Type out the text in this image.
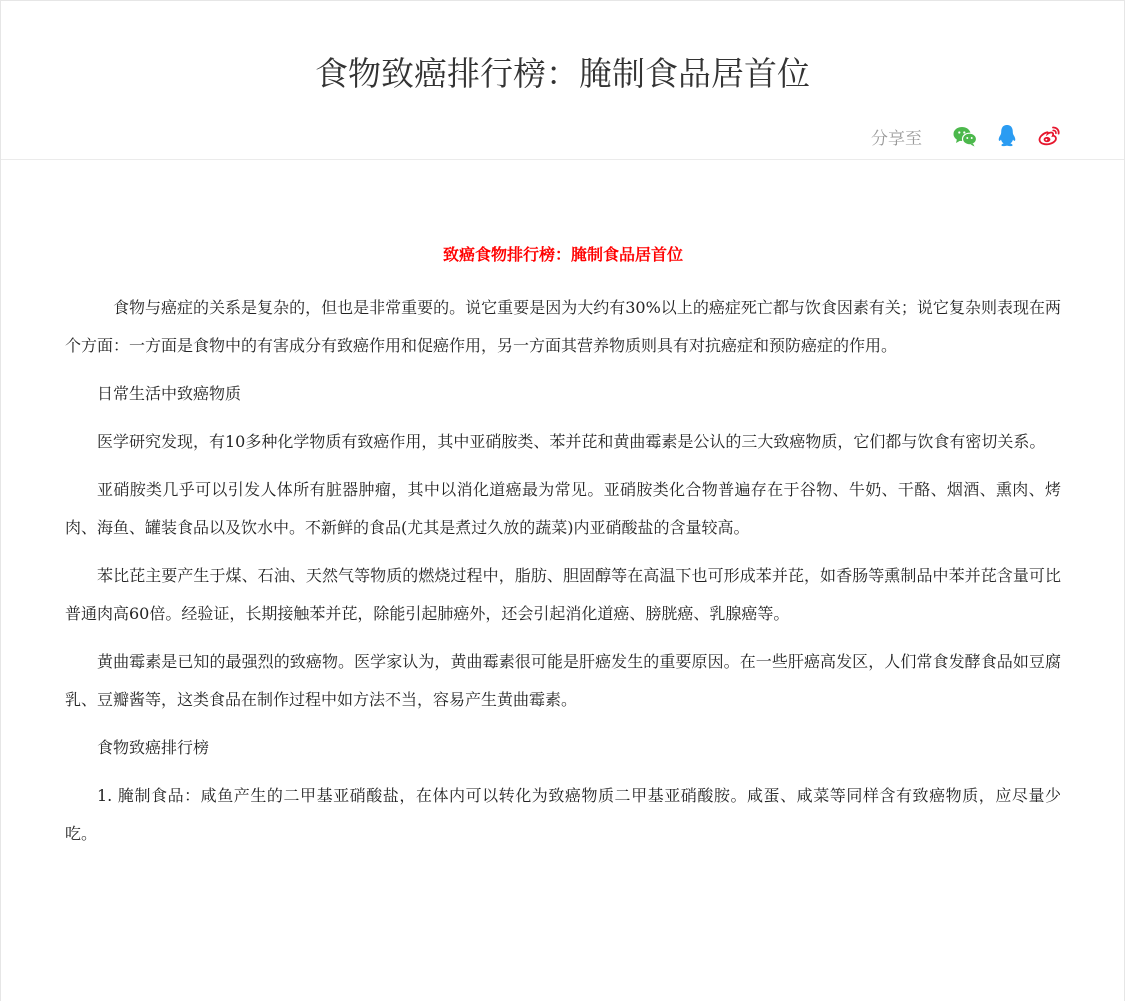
食物致癌排行榜：腌制食品居首位
分享至

致癌食物排行榜：腌制食品居首位

食物与癌症的关系是复杂的，但也是非常重要的。说它重要是因为大约有30%以上的癌症死亡都与饮食因素有关；说它复杂则表现在两个方面：一方面是食物中的有害成分有致癌作用和促癌作用，另一方面其营养物质则具有对抗癌症和预防癌症的作用。

日常生活中致癌物质

医学研究发现，有10多种化学物质有致癌作用，其中亚硝胺类、苯并芘和黄曲霉素是公认的三大致癌物质，它们都与饮食有密切关系。

亚硝胺类几乎可以引发人体所有脏器肿瘤，其中以消化道癌最为常见。亚硝胺类化合物普遍存在于谷物、牛奶、干酪、烟酒、熏肉、烤肉、海鱼、罐装食品以及饮水中。不新鲜的食品(尤其是煮过久放的蔬菜)内亚硝酸盐的含量较高。

苯比芘主要产生于煤、石油、天然气等物质的燃烧过程中，脂肪、胆固醇等在高温下也可形成苯并芘，如香肠等熏制品中苯并芘含量可比普通肉高60倍。经验证，长期接触苯并芘，除能引起肺癌外，还会引起消化道癌、膀胱癌、乳腺癌等。

黄曲霉素是已知的最强烈的致癌物。医学家认为，黄曲霉素很可能是肝癌发生的重要原因。在一些肝癌高发区，人们常食发酵食品如豆腐乳、豆瓣酱等，这类食品在制作过程中如方法不当，容易产生黄曲霉素。

食物致癌排行榜

1. 腌制食品：咸鱼产生的二甲基亚硝酸盐，在体内可以转化为致癌物质二甲基亚硝酸胺。咸蛋、咸菜等同样含有致癌物质，应尽量少吃。
